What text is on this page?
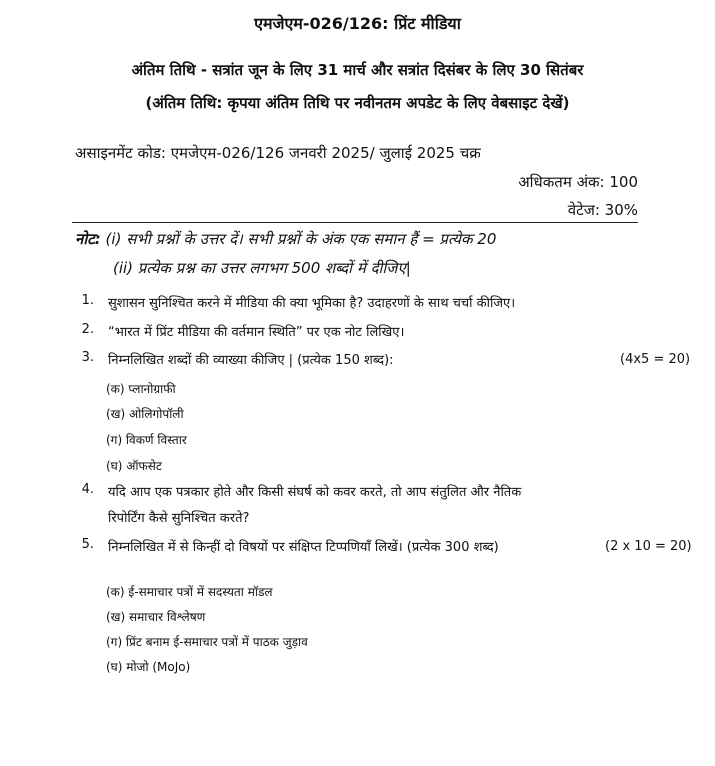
एमजेएम-026/126: प्रिंट मीडिया
अंतिम तिथि - सत्रांत जून के लिए 31 मार्च और सत्रांत दिसंबर के लिए 30 सितंबर
(अंतिम तिथि: कृपया अंतिम तिथि पर नवीनतम अपडेट के लिए वेबसाइट देखें)
असाइनमेंट कोड: एमजेएम-026/126 जनवरी 2025/ जुलाई 2025 चक्र
अधिकतम अंक: 100
वेटेज: 30%
नोट: (i) सभी प्रश्नों के उत्तर दें। सभी प्रश्नों के अंक एक समान हैं = प्रत्येक 20
(ii) प्रत्येक प्रश्न का उत्तर लगभग 500 शब्दों में दीजिए|
1. सुशासन सुनिश्चित करने में मीडिया की क्या भूमिका है? उदाहरणों के साथ चर्चा कीजिए।
2. “भारत में प्रिंट मीडिया की वर्तमान स्थिति” पर एक नोट लिखिए।
3. निम्नलिखित शब्दों की व्याख्या कीजिए | (प्रत्येक 150 शब्द):	(4x5 = 20)
(क) प्लानोग्राफी
(ख) ओलिगोपॉली
(ग) विकर्ण विस्तार
(घ) ऑफसेट
4. यदि आप एक पत्रकार होते और किसी संघर्ष को कवर करते, तो आप संतुलित और नैतिक
रिपोर्टिंग कैसे सुनिश्चित करते?
5. निम्नलिखित में से किन्हीं दो विषयों पर संक्षिप्त टिप्पणियाँ लिखें। (प्रत्येक 300 शब्द)	(2 x 10 = 20)
(क) ई-समाचार पत्रों में सदस्यता मॉडल
(ख) समाचार विश्लेषण
(ग) प्रिंट बनाम ई-समाचार पत्रों में पाठक जुड़ाव
(घ) मोजो (MoJo)
